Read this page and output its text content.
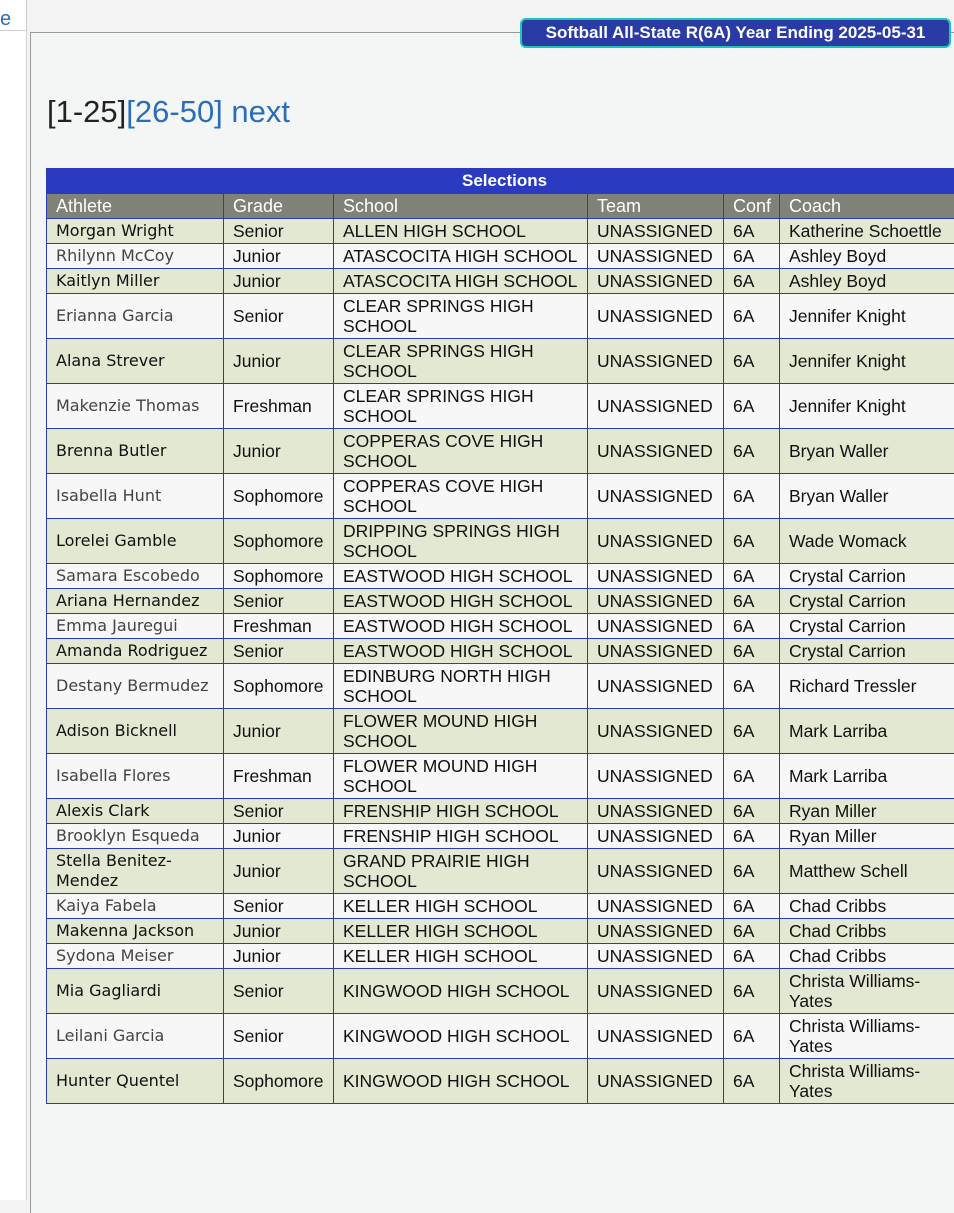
e
Softball All-State R(6A) Year Ending 2025-05-31
[1-25][26-50] next
Selections					
Athlete	Grade	School	Team	Conf	Coach
Morgan Wright	Senior	ALLEN HIGH SCHOOL	UNASSIGNED	6A	Katherine Schoettle
Rhilynn McCoy	Junior	ATASCOCITA HIGH SCHOOL	UNASSIGNED	6A	Ashley Boyd
Kaitlyn Miller	Junior	ATASCOCITA HIGH SCHOOL	UNASSIGNED	6A	Ashley Boyd
Erianna Garcia	Senior	CLEAR SPRINGS HIGH SCHOOL	UNASSIGNED	6A	Jennifer Knight
Alana Strever	Junior	CLEAR SPRINGS HIGH SCHOOL	UNASSIGNED	6A	Jennifer Knight
Makenzie Thomas	Freshman	CLEAR SPRINGS HIGH SCHOOL	UNASSIGNED	6A	Jennifer Knight
Brenna Butler	Junior	COPPERAS COVE HIGH SCHOOL	UNASSIGNED	6A	Bryan Waller
Isabella Hunt	Sophomore	COPPERAS COVE HIGH SCHOOL	UNASSIGNED	6A	Bryan Waller
Lorelei Gamble	Sophomore	DRIPPING SPRINGS HIGH SCHOOL	UNASSIGNED	6A	Wade Womack
Samara Escobedo	Sophomore	EASTWOOD HIGH SCHOOL	UNASSIGNED	6A	Crystal Carrion
Ariana Hernandez	Senior	EASTWOOD HIGH SCHOOL	UNASSIGNED	6A	Crystal Carrion
Emma Jauregui	Freshman	EASTWOOD HIGH SCHOOL	UNASSIGNED	6A	Crystal Carrion
Amanda Rodriguez	Senior	EASTWOOD HIGH SCHOOL	UNASSIGNED	6A	Crystal Carrion
Destany Bermudez	Sophomore	EDINBURG NORTH HIGH SCHOOL	UNASSIGNED	6A	Richard Tressler
Adison Bicknell	Junior	FLOWER MOUND HIGH SCHOOL	UNASSIGNED	6A	Mark Larriba
Isabella Flores	Freshman	FLOWER MOUND HIGH SCHOOL	UNASSIGNED	6A	Mark Larriba
Alexis Clark	Senior	FRENSHIP HIGH SCHOOL	UNASSIGNED	6A	Ryan Miller
Brooklyn Esqueda	Junior	FRENSHIP HIGH SCHOOL	UNASSIGNED	6A	Ryan Miller
Stella Benitez-Mendez	Junior	GRAND PRAIRIE HIGH SCHOOL	UNASSIGNED	6A	Matthew Schell
Kaiya Fabela	Senior	KELLER HIGH SCHOOL	UNASSIGNED	6A	Chad Cribbs
Makenna Jackson	Junior	KELLER HIGH SCHOOL	UNASSIGNED	6A	Chad Cribbs
Sydona Meiser	Junior	KELLER HIGH SCHOOL	UNASSIGNED	6A	Chad Cribbs
Mia Gagliardi	Senior	KINGWOOD HIGH SCHOOL	UNASSIGNED	6A	Christa Williams-Yates
Leilani Garcia	Senior	KINGWOOD HIGH SCHOOL	UNASSIGNED	6A	Christa Williams-Yates
Hunter Quentel	Sophomore	KINGWOOD HIGH SCHOOL	UNASSIGNED	6A	Christa Williams-Yates
